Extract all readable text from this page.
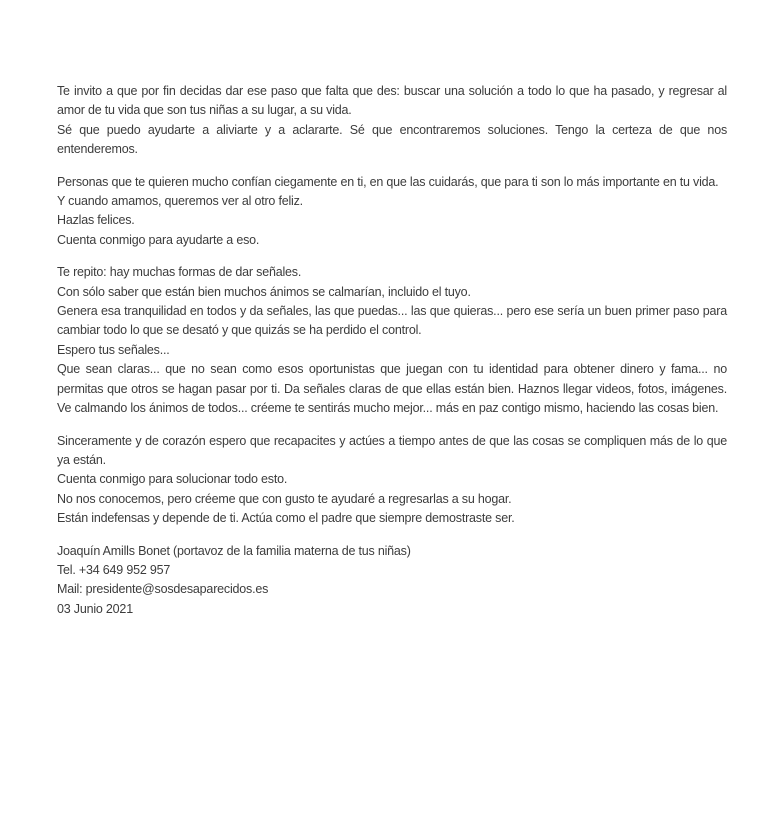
Te invito a que por fin decidas dar ese paso que falta que des: buscar una solución a todo lo que ha pasado, y regresar al amor de tu vida que son tus niñas a su lugar, a su vida.

Sé que puedo ayudarte a aliviarte y a aclararte. Sé que encontraremos soluciones. Tengo la certeza de que nos entenderemos.

Personas que te quieren mucho confían ciegamente en ti, en que las cuidarás, que para ti son lo más importante en tu vida.

Y cuando amamos, queremos ver al otro feliz.

Hazlas felices.

Cuenta conmigo para ayudarte a eso.

Te repito: hay muchas formas de dar señales.

Con sólo saber que están bien muchos ánimos se calmarían, incluido el tuyo.

Genera esa tranquilidad en todos y da señales, las que puedas... las que quieras... pero ese sería un buen primer paso para cambiar todo lo que se desató y que quizás se ha perdido el control.

Espero tus señales...

Que sean claras... que no sean como esos oportunistas que juegan con tu identidad para obtener dinero y fama... no permitas que otros se hagan pasar por ti. Da señales claras de que ellas están bien. Haznos llegar videos, fotos, imágenes. Ve calmando los ánimos de todos... créeme te sentirás mucho mejor... más en paz contigo mismo, haciendo las cosas bien.

Sinceramente y de corazón espero que recapacites y actúes a tiempo antes de que las cosas se compliquen más de lo que ya están.

Cuenta conmigo para solucionar todo esto.

No nos conocemos, pero créeme que con gusto te ayudaré a regresarlas a su hogar.

Están indefensas y depende de ti. Actúa como el padre que siempre demostraste ser.

Joaquín Amills Bonet (portavoz de la familia materna de tus niñas)

Tel. +34 649 952 957

Mail: presidente@sosdesaparecidos.es

03 Junio 2021
